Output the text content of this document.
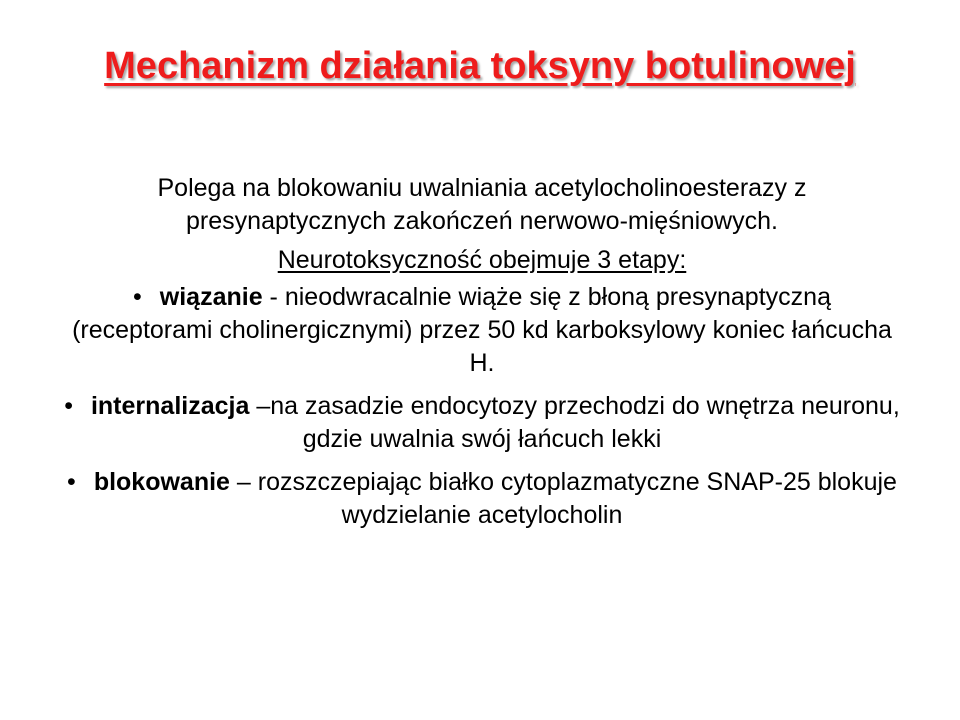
Mechanizm działania toksyny botulinowej

Polega na blokowaniu uwalniania acetylocholinoesterazy z presynaptycznych zakończeń nerwowo-mięśniowych.

Neurotoksyczność obejmuje 3 etapy:

• wiązanie - nieodwracalnie wiąże się z błoną presynaptyczną (receptorami cholinergicznymi) przez 50 kd karboksylowy koniec łańcucha H.
• internalizacja –na zasadzie endocytozy przechodzi do wnętrza neuronu, gdzie uwalnia swój łańcuch lekki
• blokowanie – rozszczepiając białko cytoplazmatyczne SNAP-25 blokuje wydzielanie acetylocholin
